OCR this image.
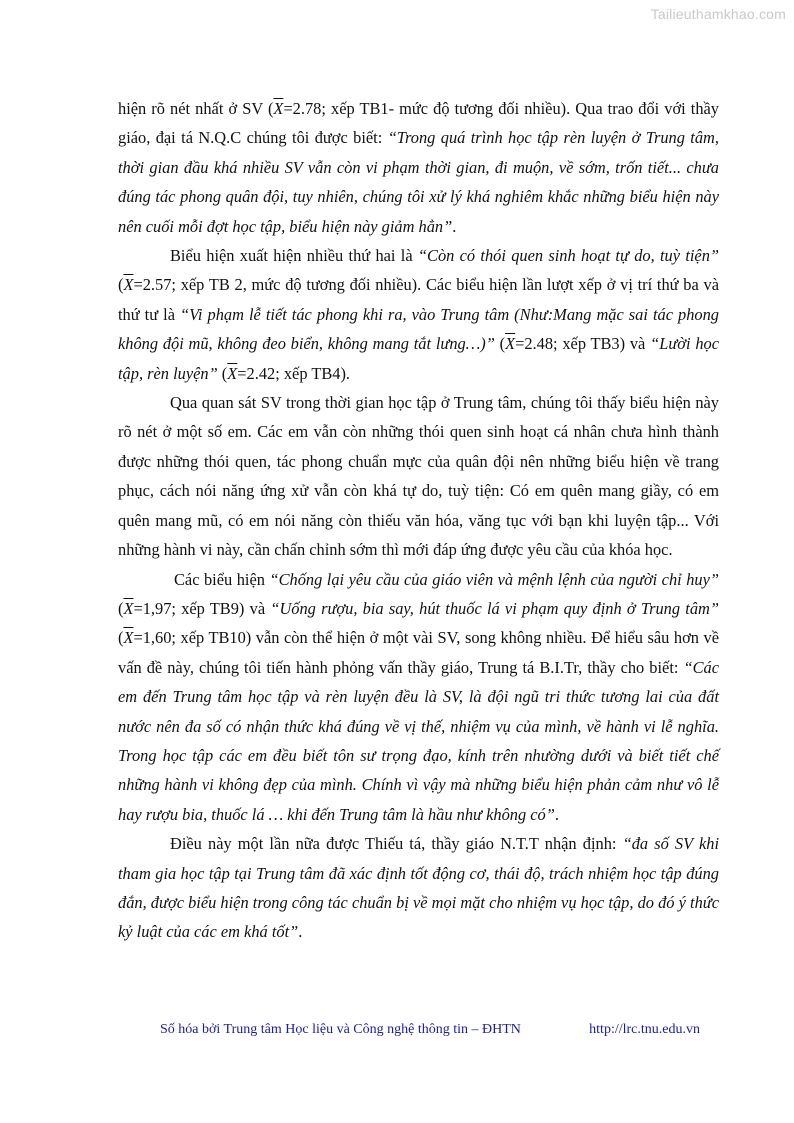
Tailieuthamkhao.com

hiện rõ nét nhất ở SV ($\overline{X}=2.78$; xếp TB1- mức độ tương đối nhiều). Qua trao đổi với thầy giáo, đại tá N.Q.C chúng tôi được biết: “Trong quá trình học tập rèn luyện ở Trung tâm, thời gian đầu khá nhiều SV vẫn còn vi phạm thời gian, đi muộn, về sớm, trốn tiết... chưa đúng tác phong quân đội, tuy nhiên, chúng tôi xử lý khá nghiêm khắc những biểu hiện này nên cuối mỗi đợt học tập, biểu hiện này giảm hẳn”.

Biểu hiện xuất hiện nhiều thứ hai là “Còn có thói quen sinh hoạt tự do, tuỳ tiện” ($\overline{X}=2.57$; xếp TB 2, mức độ tương đối nhiều). Các biểu hiện lần lượt xếp ở vị trí thứ ba và thứ tư là “Vi phạm lễ tiết tác phong khi ra, vào Trung tâm (Như:Mang mặc sai tác phong không đội mũ, không đeo biển, không mang tắt lưng…)” ($\overline{X}=2.48$; xếp TB3) và “Lười học tập, rèn luyện” ($\overline{X}=2.42$; xếp TB4).

Qua quan sát SV trong thời gian học tập ở Trung tâm, chúng tôi thấy biểu hiện này rõ nét ở một số em. Các em vẫn còn những thói quen sinh hoạt cá nhân chưa hình thành được những thói quen, tác phong chuẩn mực của quân đội nên những biểu hiện về trang phục, cách nói năng ứng xử vẫn còn khá tự do, tuỳ tiện: Có em quên mang giầy, có em quên mang mũ, có em nói năng còn thiếu văn hóa, văng tục với bạn khi luyện tập... Với những hành vi này, cần chấn chỉnh sớm thì mới đáp ứng được yêu cầu của khóa học.

Các biểu hiện “Chống lại yêu cầu của giáo viên và mệnh lệnh của người chỉ huy” ($\overline{X}=1,97$; xếp TB9) và “Uống rượu, bia say, hút thuốc lá vi phạm quy định ở Trung tâm” ($\overline{X}=1,60$; xếp TB10) vẫn còn thể hiện ở một vài SV, song không nhiều. Để hiểu sâu hơn về vấn đề này, chúng tôi tiến hành phỏng vấn thầy giáo, Trung tá B.I.Tr, thầy cho biết: “Các em đến Trung tâm học tập và rèn luyện đều là SV, là đội ngũ tri thức tương lai của đất nước nên đa số có nhận thức khá đúng về vị thế, nhiệm vụ của mình, về hành vi lễ nghĩa. Trong học tập các em đều biết tôn sư trọng đạo, kính trên nhường dưới và biết tiết chế những hành vi không đẹp của mình. Chính vì vậy mà những biểu hiện phản cảm như vô lễ hay rượu bia, thuốc lá … khi đến Trung tâm là hầu như không có”.

Điều này một lần nữa được Thiếu tá, thầy giáo N.T.T nhận định: “đa số SV khi tham gia học tập tại Trung tâm đã xác định tốt động cơ, thái độ, trách nhiệm học tập đúng đắn, được biểu hiện trong công tác chuẩn bị về mọi mặt cho nhiệm vụ học tập, do đó ý thức kỷ luật của các em khá tốt”.

Số hóa bởi Trung tâm Học liệu và Công nghệ thông tin – ĐHTN	http://lrc.tnu.edu.vn
